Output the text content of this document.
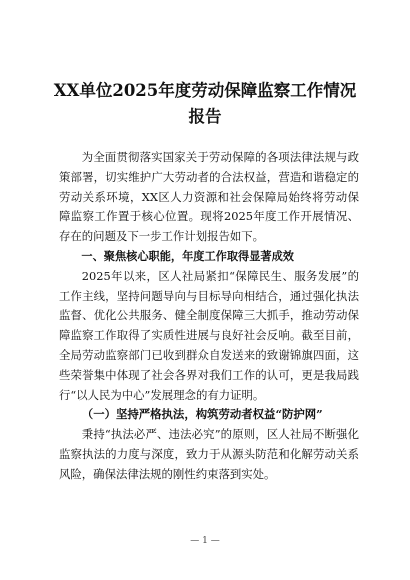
XX单位2025年度劳动保障监察工作情况
报告

为全面贯彻落实国家关于劳动保障的各项法律法规与政策部署，切实维护广大劳动者的合法权益，营造和谐稳定的劳动关系环境，XX区人力资源和社会保障局始终将劳动保障监察工作置于核心位置。现将2025年度工作开展情况、存在的问题及下一步工作计划报告如下。

一、聚焦核心职能，年度工作取得显著成效

2025年以来，区人社局紧扣“保障民生、服务发展”的工作主线，坚持问题导向与目标导向相结合，通过强化执法监督、优化公共服务、健全制度保障三大抓手，推动劳动保障监察工作取得了实质性进展与良好社会反响。截至目前，全局劳动监察部门已收到群众自发送来的致谢锦旗四面，这些荣誉集中体现了社会各界对我们工作的认可，更是我局践行“以人民为中心”发展理念的有力证明。

（一）坚持严格执法，构筑劳动者权益“防护网”

秉持“执法必严、违法必究”的原则，区人社局不断强化监察执法的力度与深度，致力于从源头防范和化解劳动关系风险，确保法律法规的刚性约束落到实处。

— 1 —
